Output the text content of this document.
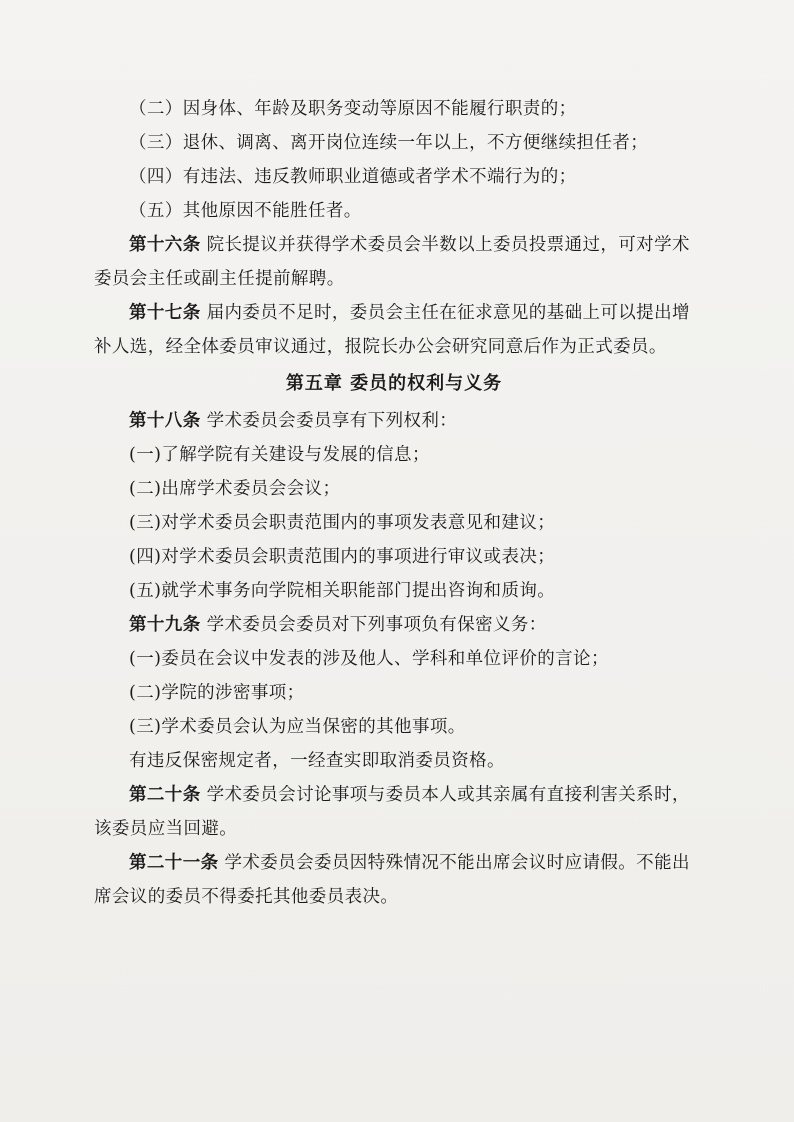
（二）因身体、年龄及职务变动等原因不能履行职责的；

（三）退休、调离、离开岗位连续一年以上，不方便继续担任者；

（四）有违法、违反教师职业道德或者学术不端行为的；

（五）其他原因不能胜任者。

第十六条 院长提议并获得学术委员会半数以上委员投票通过，可对学术委员会主任或副主任提前解聘。

第十七条 届内委员不足时，委员会主任在征求意见的基础上可以提出增补人选，经全体委员审议通过，报院长办公会研究同意后作为正式委员。

第五章 委员的权利与义务

第十八条 学术委员会委员享有下列权利：

(一)了解学院有关建设与发展的信息；

(二)出席学术委员会会议；

(三)对学术委员会职责范围内的事项发表意见和建议；

(四)对学术委员会职责范围内的事项进行审议或表决；

(五)就学术事务向学院相关职能部门提出咨询和质询。

第十九条 学术委员会委员对下列事项负有保密义务：

(一)委员在会议中发表的涉及他人、学科和单位评价的言论；

(二)学院的涉密事项；

(三)学术委员会认为应当保密的其他事项。

有违反保密规定者，一经查实即取消委员资格。

第二十条 学术委员会讨论事项与委员本人或其亲属有直接利害关系时，该委员应当回避。

第二十一条 学术委员会委员因特殊情况不能出席会议时应请假。不能出席会议的委员不得委托其他委员表决。
